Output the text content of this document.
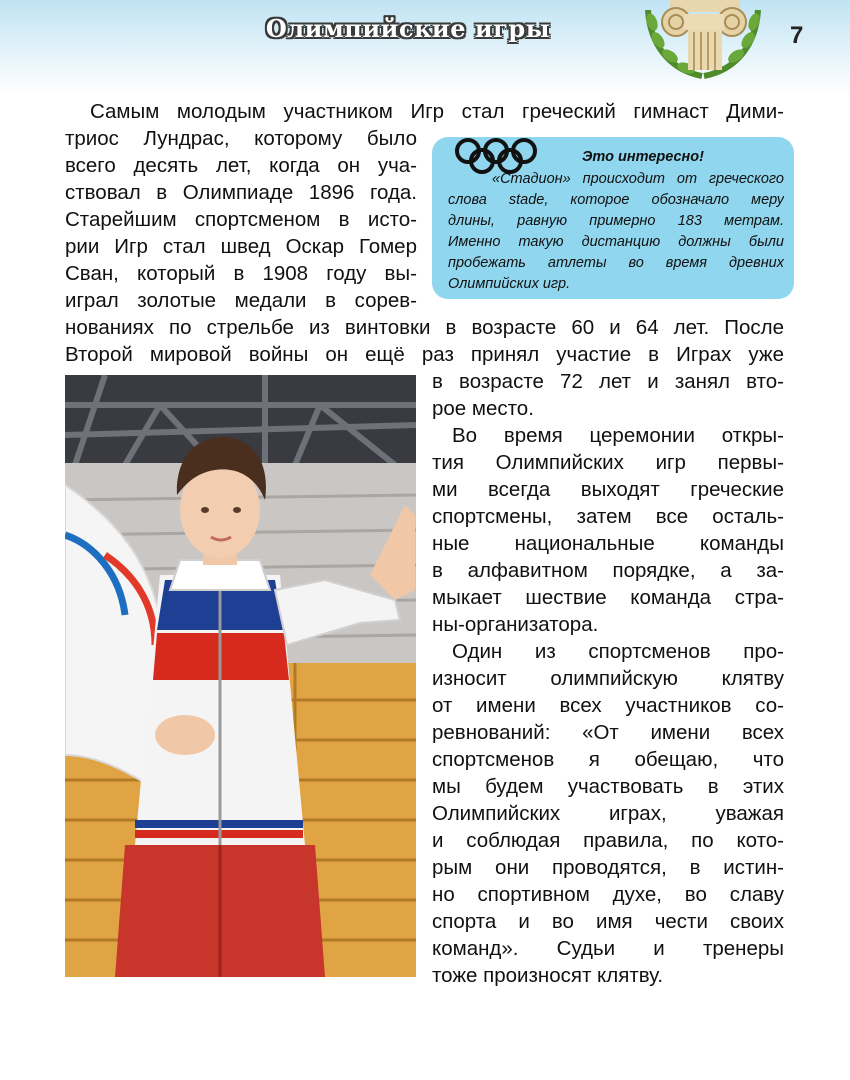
Олимпийские игры	7
Это интересно!
«Стадион» происходит от греческого
слова stade, которое обозначало меру
длины, равную примерно 183 метрам.
Именно такую дистанцию должны были
пробежать атлеты во время древних
Олимпийских игр.
Самым молодым участником Игр стал греческий гимнаст Дими-
триос Лундрас, которому было
всего десять лет, когда он уча-
ствовал в Олимпиаде 1896 года.
Старейшим спортсменом в исто-
рии Игр стал швед Оскар Гомер
Сван, который в 1908 году вы-
играл золотые медали в сорев-
нованиях по стрельбе из винтовки в возрасте 60 и 64 лет. После
Второй мировой войны он ещё раз принял участие в Играх уже
в возрасте 72 лет и занял вто-
рое место.
Во время церемонии откры-
тия Олимпийских игр первы-
ми всегда выходят греческие
спортсмены, затем все осталь-
ные национальные команды
в алфавитном порядке, а за-
мыкает шествие команда стра-
ны-организатора.
Один из спортсменов про-
износит олимпийскую клятву
от имени всех участников со-
ревнований: «От имени всех
спортсменов я обещаю, что
мы будем участвовать в этих
Олимпийских играх, уважая
и соблюдая правила, по кото-
рым они проводятся, в истин-
но спортивном духе, во славу
спорта и во имя чести своих
команд». Судьи и тренеры
тоже произносят клятву.
